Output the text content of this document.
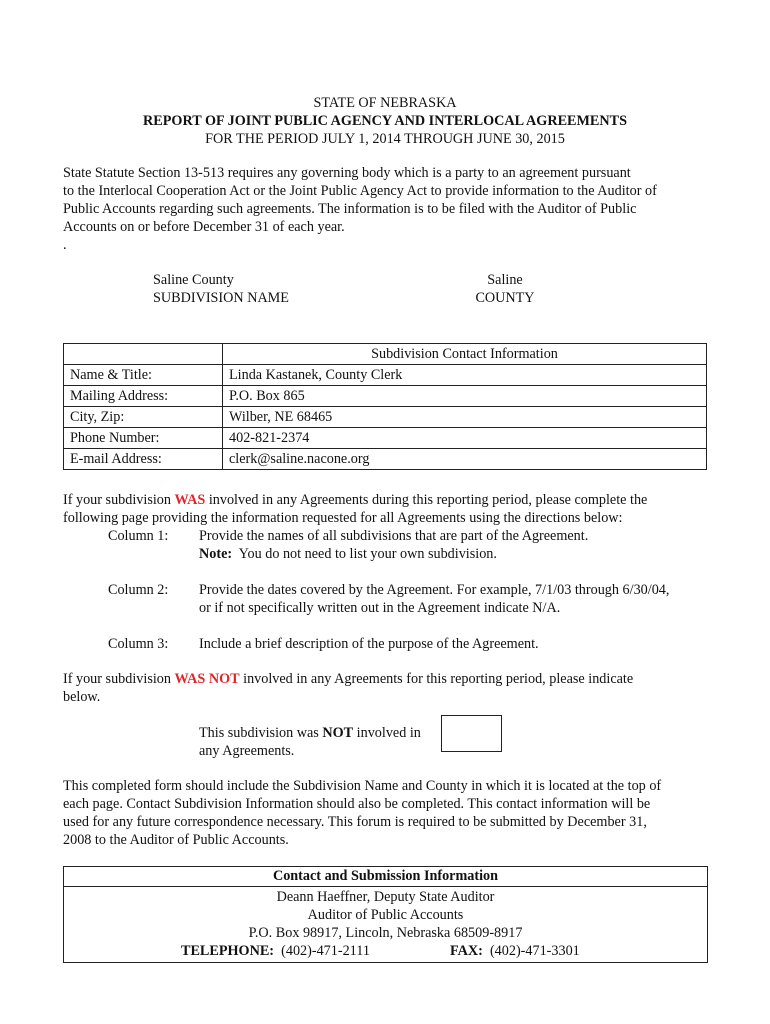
STATE OF NEBRASKA
REPORT OF JOINT PUBLIC AGENCY AND INTERLOCAL AGREEMENTS
FOR THE PERIOD JULY 1, 2014 THROUGH JUNE 30, 2015
State Statute Section 13-513 requires any governing body which is a party to an agreement pursuant
to the Interlocal Cooperation Act or the Joint Public Agency Act to provide information to the Auditor of
Public Accounts regarding such agreements. The information is to be filed with the Auditor of Public
Accounts on or before December 31 of each year.
.
Saline County
SUBDIVISION NAME
Saline
COUNTY
	Subdivision Contact Information
Name & Title:	Linda Kastanek, County Clerk
Mailing Address:	P.O. Box 865
City, Zip:	Wilber, NE 68465
Phone Number:	402-821-2374
E-mail Address:	clerk@saline.nacone.org
If your subdivision WAS involved in any Agreements during this reporting period, please complete the
following page providing the information requested for all Agreements using the directions below:
Column 1:	Provide the names of all subdivisions that are part of the Agreement.
Note:  You do not need to list your own subdivision.
Column 2:	Provide the dates covered by the Agreement. For example, 7/1/03 through 6/30/04,
or if not specifically written out in the Agreement indicate N/A.
Column 3:	Include a brief description of the purpose of the Agreement.
If your subdivision WAS NOT involved in any Agreements for this reporting period, please indicate
below.
This subdivision was NOT involved in
any Agreements.
This completed form should include the Subdivision Name and County in which it is located at the top of
each page. Contact Subdivision Information should also be completed. This contact information will be
used for any future correspondence necessary. This forum is required to be submitted by December 31,
2008 to the Auditor of Public Accounts.
Contact and Submission Information
Deann Haeffner, Deputy State Auditor
Auditor of Public Accounts
P.O. Box 98917, Lincoln, Nebraska 68509-8917
TELEPHONE:  (402)-471-2111	FAX:  (402)-471-3301
